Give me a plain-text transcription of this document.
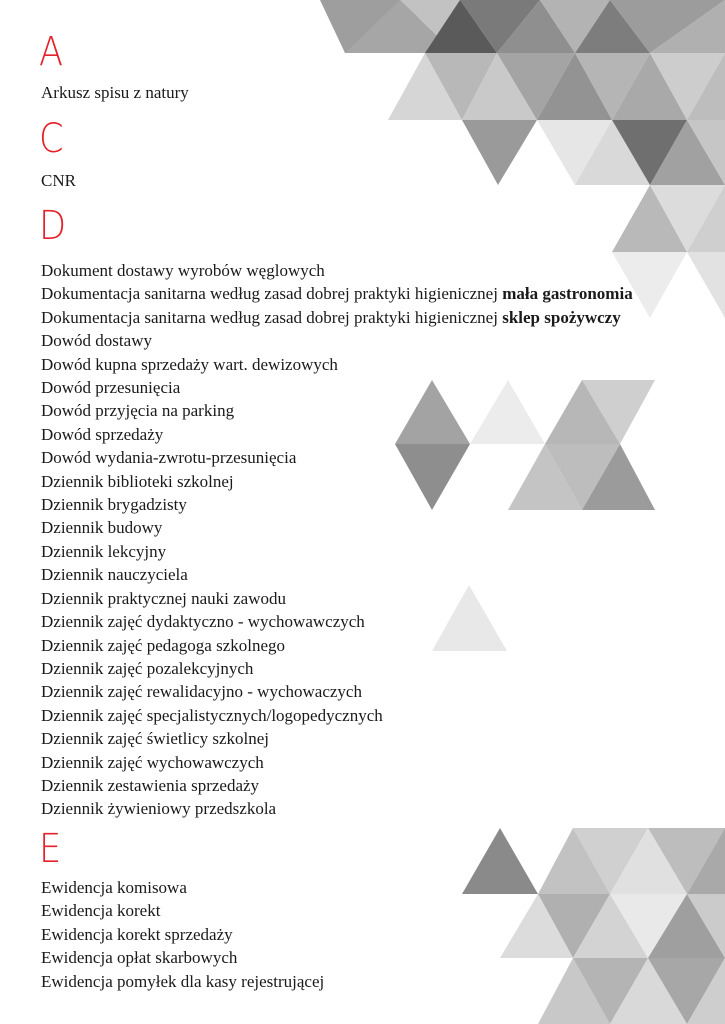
A
Arkusz spisu z natury
C
CNR
D
Dokument dostawy wyrobów węglowych
Dokumentacja sanitarna według zasad dobrej praktyki higienicznej mała gastronomia
Dokumentacja sanitarna według zasad dobrej praktyki higienicznej sklep spożywczy
Dowód dostawy
Dowód kupna sprzedaży wart. dewizowych
Dowód przesunięcia
Dowód przyjęcia na parking
Dowód sprzedaży
Dowód wydania-zwrotu-przesunięcia
Dziennik biblioteki szkolnej
Dziennik brygadzisty
Dziennik budowy
Dziennik lekcyjny
Dziennik nauczyciela
Dziennik praktycznej nauki zawodu
Dziennik zajęć dydaktyczno - wychowawczych
Dziennik zajęć pedagoga szkolnego
Dziennik zajęć pozalekcyjnych
Dziennik zajęć rewalidacyjno - wychowaczych
Dziennik zajęć specjalistycznych/logopedycznych
Dziennik zajęć świetlicy szkolnej
Dziennik zajęć wychowawczych
Dziennik zestawienia sprzedaży
Dziennik żywieniowy przedszkola
E
Ewidencja komisowa
Ewidencja korekt
Ewidencja korekt sprzedaży
Ewidencja opłat skarbowych
Ewidencja pomyłek dla kasy rejestrującej
